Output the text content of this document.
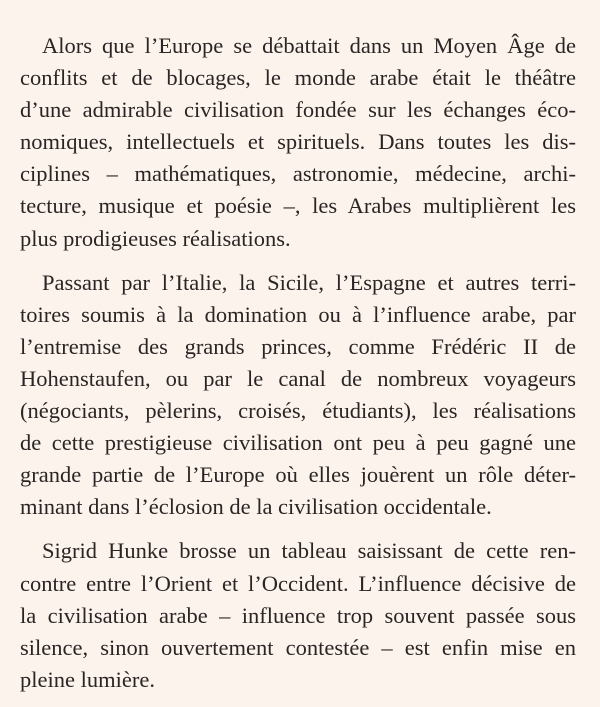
Alors que l’Europe se débattait dans un Moyen Âge de
conflits et de blocages, le monde arabe était le théâtre
d’une admirable civilisation fondée sur les échanges éco-
nomiques, intellectuels et spirituels. Dans toutes les dis-
ciplines – mathématiques, astronomie, médecine, archi-
tecture, musique et poésie –, les Arabes multiplièrent les
plus prodigieuses réalisations.

Passant par l’Italie, la Sicile, l’Espagne et autres terri-
toires soumis à la domination ou à l’influence arabe, par
l’entremise des grands princes, comme Frédéric II de
Hohenstaufen, ou par le canal de nombreux voyageurs
(négociants, pèlerins, croisés, étudiants), les réalisations
de cette prestigieuse civilisation ont peu à peu gagné une
grande partie de l’Europe où elles jouèrent un rôle déter-
minant dans l’éclosion de la civilisation occidentale.

Sigrid Hunke brosse un tableau saisissant de cette ren-
contre entre l’Orient et l’Occident. L’influence décisive de
la civilisation arabe – influence trop souvent passée sous
silence, sinon ouvertement contestée – est enfin mise en
pleine lumière.
